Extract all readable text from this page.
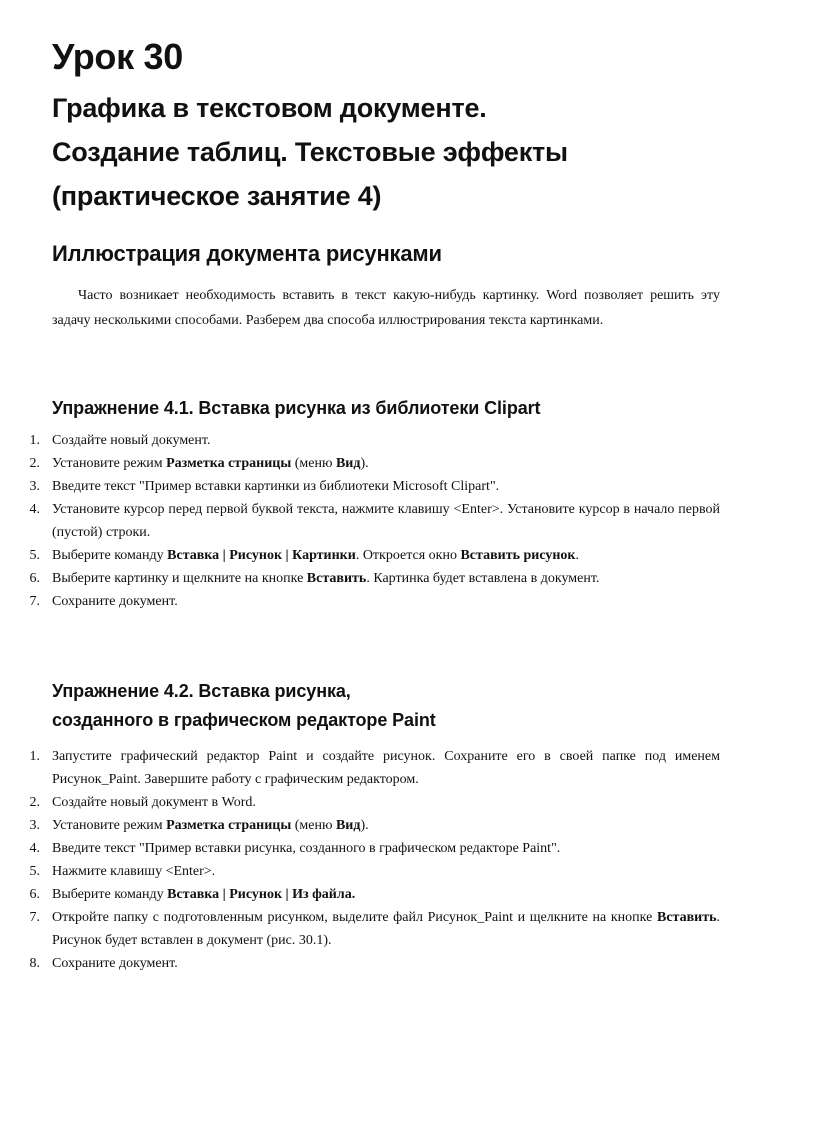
Урок 30
Графика в текстовом документе.
Создание таблиц. Текстовые эффекты
(практическое занятие 4)
Иллюстрация документа рисунками

Часто возникает необходимость вставить в текст какую-нибудь картинку. Word позволяет решить эту задачу несколькими способами. Разберем два способа иллюстрирования текста картинками.

Упражнение 4.1. Вставка рисунка из библиотеки Clipart
1. Создайте новый документ.
2. Установите режим Разметка страницы (меню Вид).
3. Введите текст "Пример вставки картинки из библиотеки Microsoft Clipart".
4. Установите курсор перед первой буквой текста, нажмите клавишу <Enter>. Установите курсор в начало первой (пустой) строки.
5. Выберите команду Вставка | Рисунок | Картинки. Откроется окно Вставить рисунок.
6. Выберите картинку и щелкните на кнопке Вставить. Картинка будет вставлена в документ.
7. Сохраните документ.
Упражнение 4.2. Вставка рисунка,
созданного в графическом редакторе Paint
1. Запустите графический редактор Paint и создайте рисунок. Сохраните его в своей папке под именем Рисунок_Paint. Завершите работу с графическим редактором.
2. Создайте новый документ в Word.
3. Установите режим Разметка страницы (меню Вид).
4. Введите текст "Пример вставки рисунка, созданного в графическом редакторе Paint".
5. Нажмите клавишу <Enter>.
6. Выберите команду Вставка | Рисунок | Из файла.
7. Откройте папку с подготовленным рисунком, выделите файл Рисунок_Paint и щелкните на кнопке Вставить. Рисунок будет вставлен в документ (рис. 30.1).
8. Сохраните документ.
